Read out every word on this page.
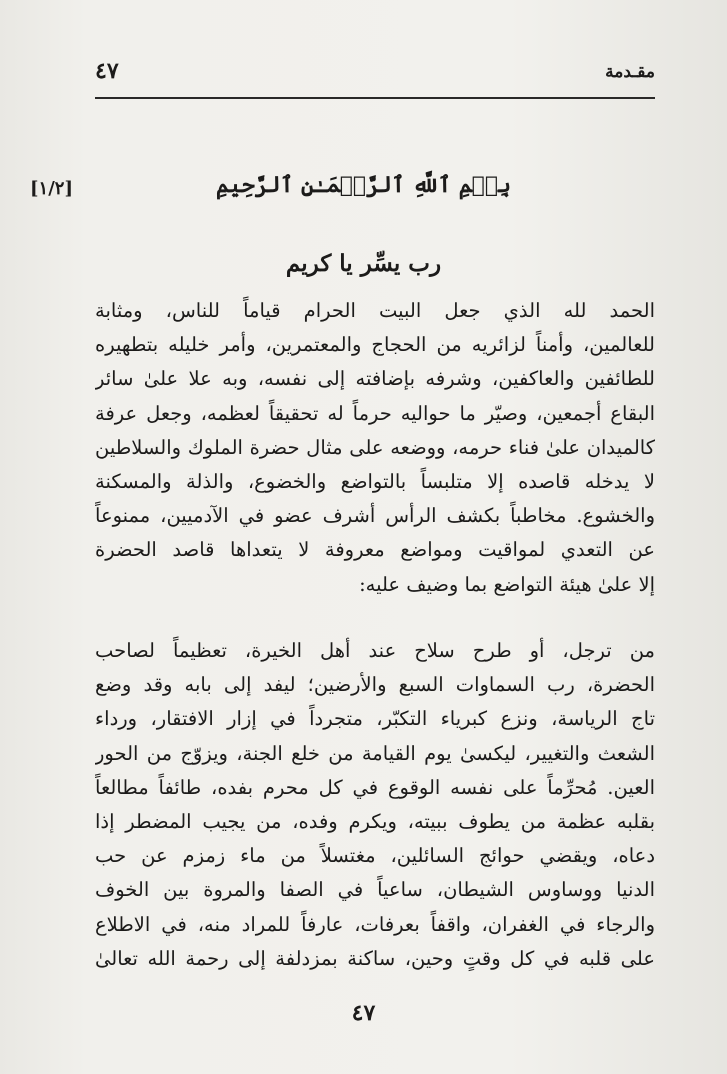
مقـدمة
٤٧
بِسۡمِ ٱللَّهِ ٱلرَّحۡمَـٰنِ ٱلرَّحِيمِ
[١/٢]
رب يسِّر يا كريم
الحمد لله الذي جعل البيت الحرام قياماً للناس، ومثابة
للعالمين، وأمناً لزائريه من الحجاج والمعتمرين، وأمر خليله بتطهيره
للطائفين والعاكفين، وشرفه بإضافته إلى نفسه، وبه علا علىٰ سائر
البقاع أجمعين، وصيّر ما حواليه حرماً له تحقيقاً لعظمه، وجعل عرفة
كالميدان علىٰ فناء حرمه، ووضعه على مثال حضرة الملوك والسلاطين
لا يدخله قاصده إلا متلبساً بالتواضع والخضوع، والذلة والمسكنة
والخشوع. مخاطباً بكشف الرأس أشرف عضو في الآدميين، ممنوعاً
عن التعدي لمواقيت ومواضع معروفة لا يتعداها قاصد الحضرة
إلا علىٰ هيئة التواضع بما وضيف عليه:
من ترجل، أو طرح سلاح عند أهل الخيرة، تعظيماً لصاحب
الحضرة، رب السماوات السبع والأرضين؛ ليفد إلى بابه وقد وضع
تاج الرياسة، ونزع كبرياء التكبّر، متجرداً في إزار الافتقار، ورداء
الشعث والتغيير، ليكسىٰ يوم القيامة من خلع الجنة، ويزوّج من الحور
العين. مُحرِّماً على نفسه الوقوع في كل محرم بفده، طائفاً مطالعاً
بقلبه عظمة من يطوف ببيته، ويكرم وفده، من يجيب المضطر إذا
دعاه، ويقضي حوائج السائلين، مغتسلاً من ماء زمزم عن حب
الدنيا ووساوس الشيطان، ساعياً في الصفا والمروة بين الخوف
والرجاء في الغفران، واقفاً بعرفات، عارفاً للمراد منه، في الاطلاع
على قلبه في كل وقتٍ وحين، ساكنة بمزدلفة إلى رحمة الله تعالىٰ
٤٧
